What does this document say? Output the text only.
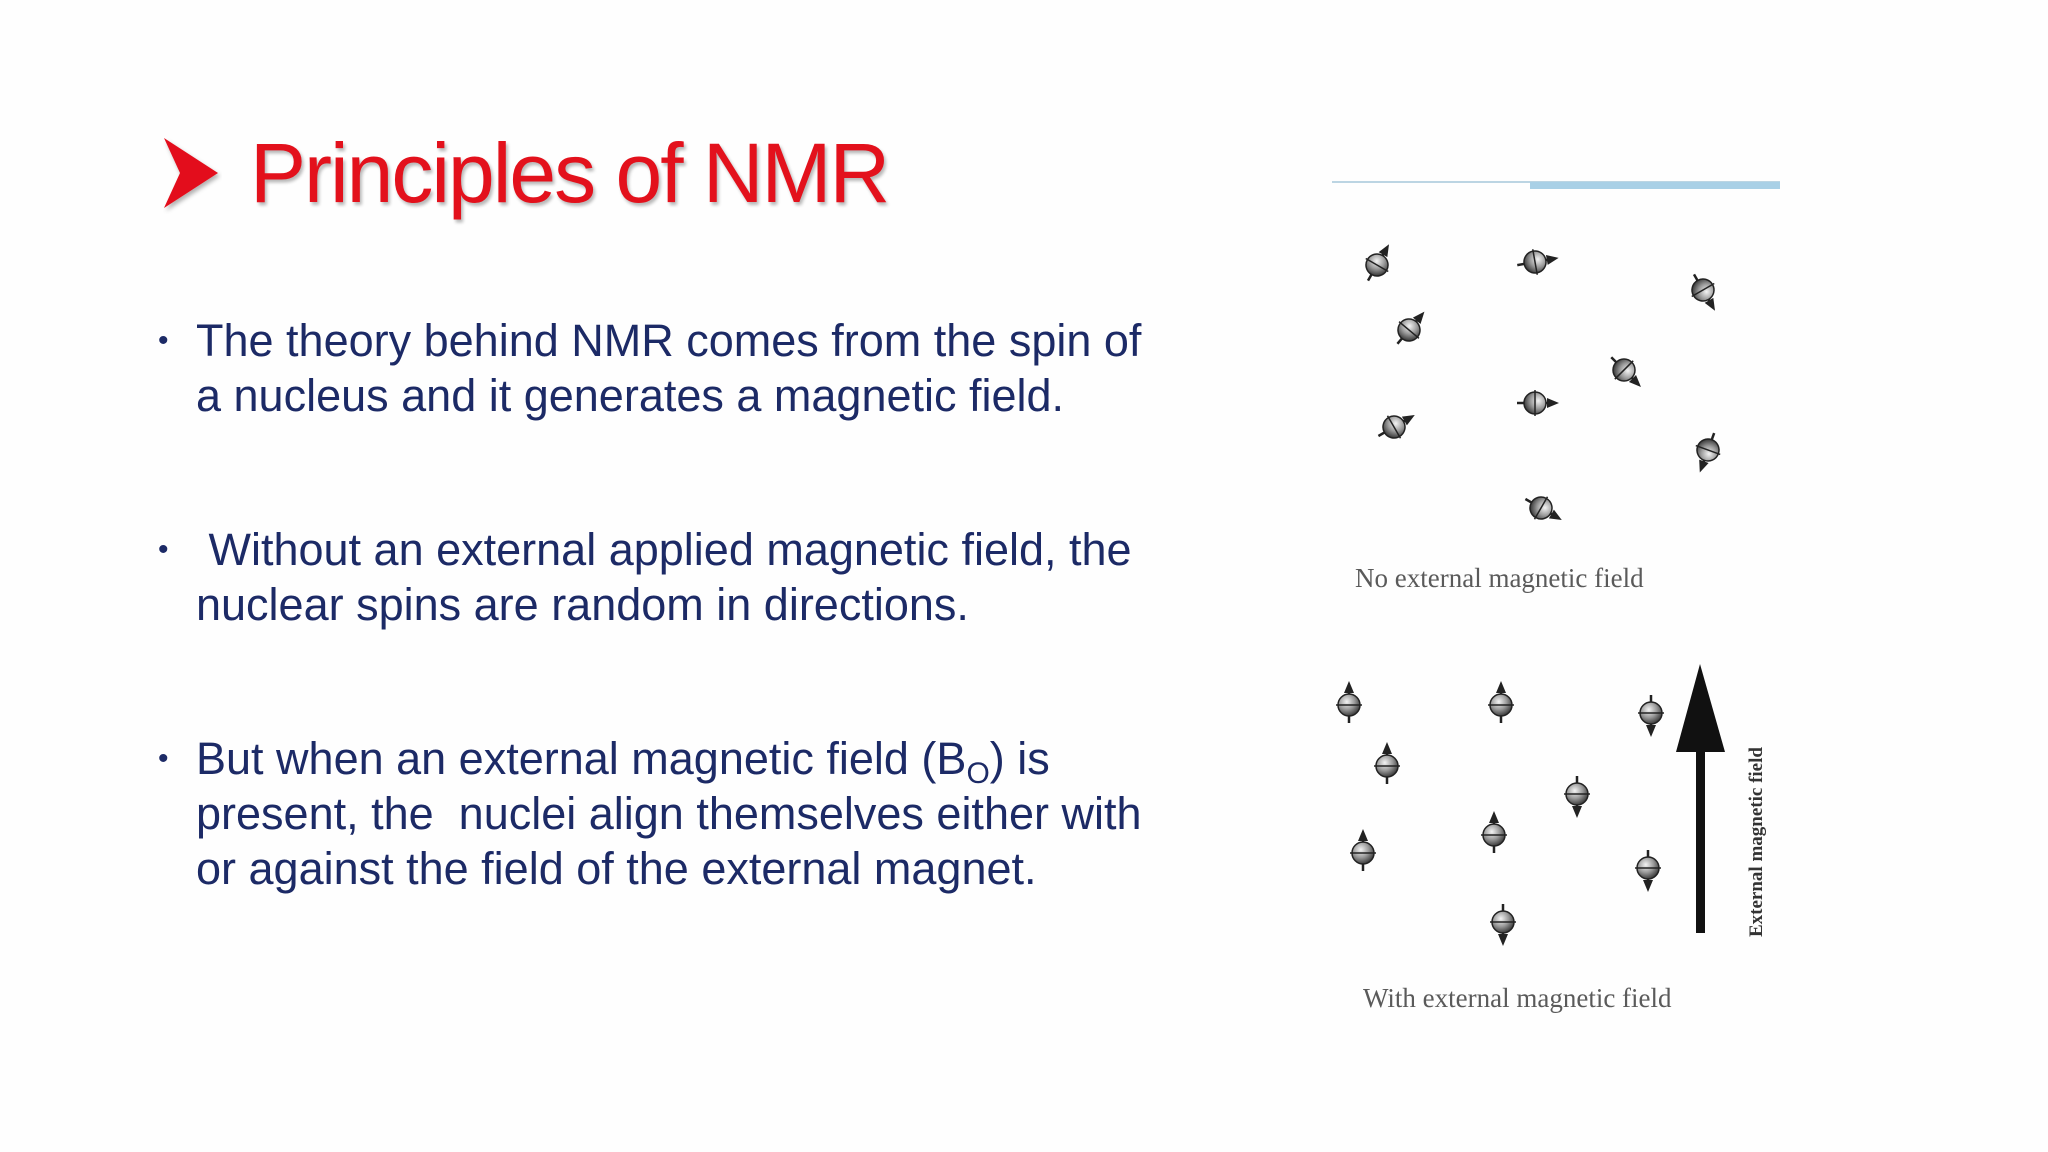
Principles of NMR
• The theory behind NMR comes from the spin of
a nucleus and it generates a magnetic field.
• Without an external applied magnetic field, the
nuclear spins are random in directions.
• But when an external magnetic field $(B_O)$ is
present, the  nuclei align themselves either with
or against the field of the external magnet.
No external magnetic field
External magnetic field
With external magnetic field
